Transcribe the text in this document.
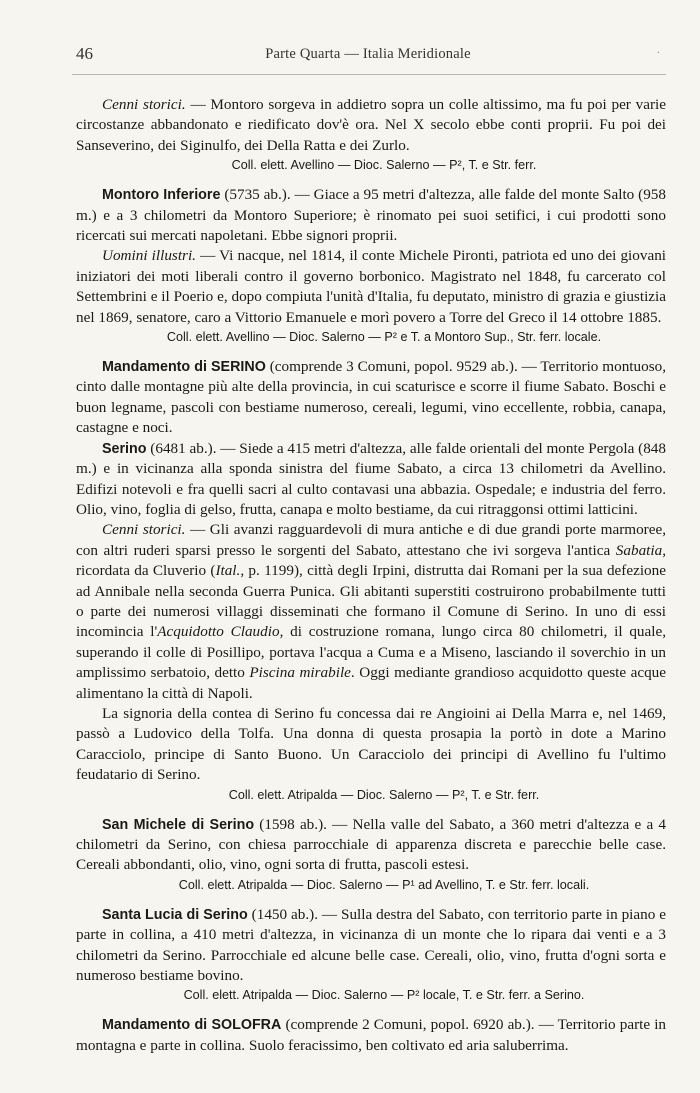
46	Parte Quarta — Italia Meridionale	·

Cenni storici. — Montoro sorgeva in addietro sopra un colle altissimo, ma fu poi per varie circostanze abbandonato e riedificato dov'è ora. Nel X secolo ebbe conti proprii. Fu poi dei Sanseverino, dei Siginulfo, dei Della Ratta e dei Zurlo.

Coll. elett. Avellino — Dioc. Salerno — P², T. e Str. ferr.

Montoro Inferiore (5735 ab.). — Giace a 95 metri d'altezza, alle falde del monte Salto (958 m.) e a 3 chilometri da Montoro Superiore; è rinomato pei suoi setifici, i cui prodotti sono ricercati sui mercati napoletani. Ebbe signori proprii.

Uomini illustri. — Vi nacque, nel 1814, il conte Michele Pironti, patriota ed uno dei giovani iniziatori dei moti liberali contro il governo borbonico. Magistrato nel 1848, fu carcerato col Settembrini e il Poerio e, dopo compiuta l'unità d'Italia, fu deputato, ministro di grazia e giustizia nel 1869, senatore, caro a Vittorio Emanuele e morì povero a Torre del Greco il 14 ottobre 1885.

Coll. elett. Avellino — Dioc. Salerno — P² e T. a Montoro Sup., Str. ferr. locale.

Mandamento di SERINO (comprende 3 Comuni, popol. 9529 ab.). — Territorio montuoso, cinto dalle montagne più alte della provincia, in cui scaturisce e scorre il fiume Sabato. Boschi e buon legname, pascoli con bestiame numeroso, cereali, legumi, vino eccellente, robbia, canapa, castagne e noci.

Serino (6481 ab.). — Siede a 415 metri d'altezza, alle falde orientali del monte Pergola (848 m.) e in vicinanza alla sponda sinistra del fiume Sabato, a circa 13 chilometri da Avellino. Edifizi notevoli e fra quelli sacri al culto contavasi una abbazia. Ospedale; e industria del ferro. Olio, vino, foglia di gelso, frutta, canapa e molto bestiame, da cui ritraggonsi ottimi latticini.

Cenni storici. — Gli avanzi ragguardevoli di mura antiche e di due grandi porte marmoree, con altri ruderi sparsi presso le sorgenti del Sabato, attestano che ivi sorgeva l'antica Sabatia, ricordata da Cluverio (Ital., p. 1199), città degli Irpini, distrutta dai Romani per la sua defezione ad Annibale nella seconda Guerra Punica. Gli abitanti superstiti costruirono probabilmente tutti o parte dei numerosi villaggi disseminati che formano il Comune di Serino. In uno di essi incomincia l'Acquidotto Claudio, di costruzione romana, lungo circa 80 chilometri, il quale, superando il colle di Posillipo, portava l'acqua a Cuma e a Miseno, lasciando il soverchio in un amplissimo serbatoio, detto Piscina mirabile. Oggi mediante grandioso acquidotto queste acque alimentano la città di Napoli.

La signoria della contea di Serino fu concessa dai re Angioini ai Della Marra e, nel 1469, passò a Ludovico della Tolfa. Una donna di questa prosapia la portò in dote a Marino Caracciolo, principe di Santo Buono. Un Caracciolo dei principi di Avellino fu l'ultimo feudatario di Serino.

Coll. elett. Atripalda — Dioc. Salerno — P², T. e Str. ferr.

San Michele di Serino (1598 ab.). — Nella valle del Sabato, a 360 metri d'altezza e a 4 chilometri da Serino, con chiesa parrocchiale di apparenza discreta e parecchie belle case. Cereali abbondanti, olio, vino, ogni sorta di frutta, pascoli estesi.

Coll. elett. Atripalda — Dioc. Salerno — P¹ ad Avellino, T. e Str. ferr. locali.

Santa Lucia di Serino (1450 ab.). — Sulla destra del Sabato, con territorio parte in piano e parte in collina, a 410 metri d'altezza, in vicinanza di un monte che lo ripara dai venti e a 3 chilometri da Serino. Parrocchiale ed alcune belle case. Cereali, olio, vino, frutta d'ogni sorta e numeroso bestiame bovino.

Coll. elett. Atripalda — Dioc. Salerno — P² locale, T. e Str. ferr. a Serino.

Mandamento di SOLOFRA (comprende 2 Comuni, popol. 6920 ab.). — Territorio parte in montagna e parte in collina. Suolo feracissimo, ben coltivato ed aria saluberrima.
